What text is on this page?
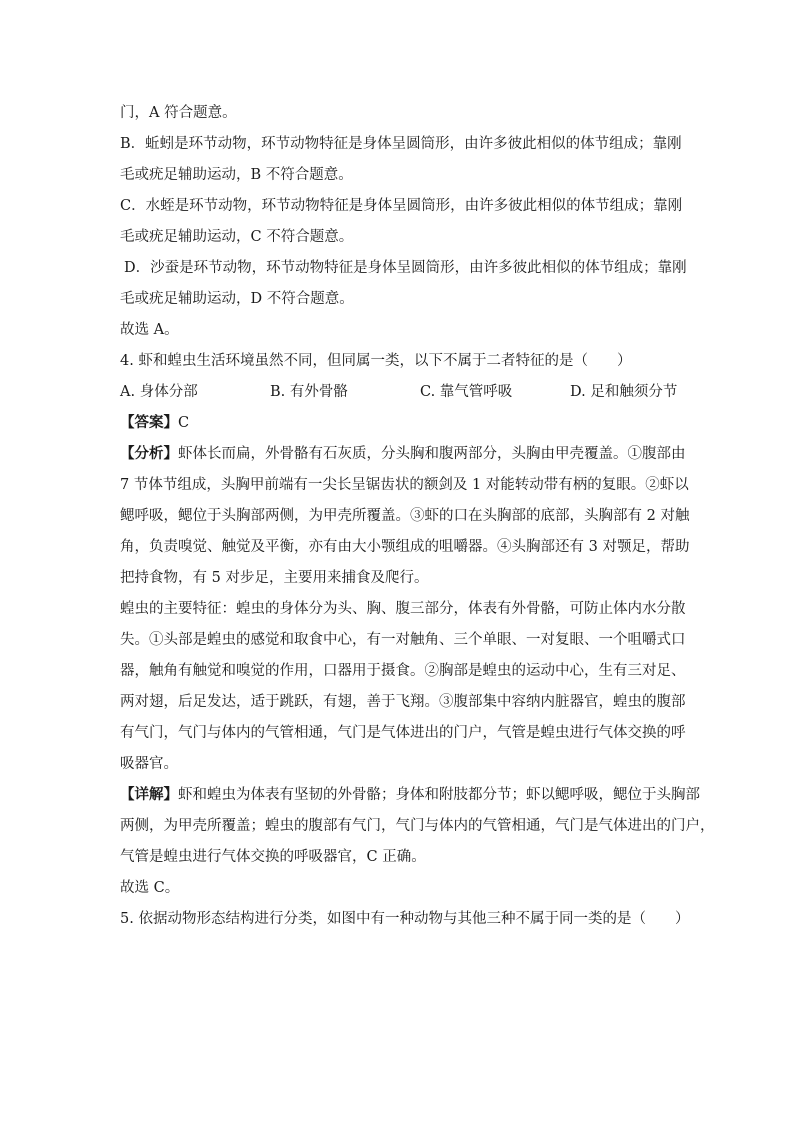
门，A 符合题意。
B．蚯蚓是环节动物，环节动物特征是身体呈圆筒形，由许多彼此相似的体节组成；靠刚
毛或疣足辅助运动，B 不符合题意。
C．水蛭是环节动物，环节动物特征是身体呈圆筒形，由许多彼此相似的体节组成；靠刚
毛或疣足辅助运动，C 不符合题意。
D．沙蚕是环节动物，环节动物特征是身体呈圆筒形，由许多彼此相似的体节组成；靠刚
毛或疣足辅助运动，D 不符合题意。
故选 A。
4. 虾和蝗虫生活环境虽然不同，但同属一类，以下不属于二者特征的是（　　）
A. 身体分部	B. 有外骨骼	C. 靠气管呼吸	D. 足和触须分节
【答案】C
【分析】虾体长而扁，外骨骼有石灰质，分头胸和腹两部分，头胸由甲壳覆盖。①腹部由
7 节体节组成，头胸甲前端有一尖长呈锯齿状的额剑及 1 对能转动带有柄的复眼。②虾以
鳃呼吸，鳃位于头胸部两侧，为甲壳所覆盖。③虾的口在头胸部的底部，头胸部有 2 对触
角，负责嗅觉、触觉及平衡，亦有由大小颚组成的咀嚼器。④头胸部还有 3 对颚足，帮助
把持食物，有 5 对步足，主要用来捕食及爬行。
蝗虫的主要特征：蝗虫的身体分为头、胸、腹三部分，体表有外骨骼，可防止体内水分散
失。①头部是蝗虫的感觉和取食中心，有一对触角、三个单眼、一对复眼、一个咀嚼式口
器，触角有触觉和嗅觉的作用，口器用于摄食。②胸部是蝗虫的运动中心，生有三对足、
两对翅，后足发达，适于跳跃，有翅，善于飞翔。③腹部集中容纳内脏器官，蝗虫的腹部
有气门，气门与体内的气管相通，气门是气体进出的门户，气管是蝗虫进行气体交换的呼
吸器官。
【详解】虾和蝗虫为体表有坚韧的外骨骼；身体和附肢都分节；虾以鳃呼吸，鳃位于头胸部
两侧，为甲壳所覆盖；蝗虫的腹部有气门，气门与体内的气管相通，气门是气体进出的门户，
气管是蝗虫进行气体交换的呼吸器官，C 正确。
故选 C。
5. 依据动物形态结构进行分类，如图中有一种动物与其他三种不属于同一类的是（　　）
